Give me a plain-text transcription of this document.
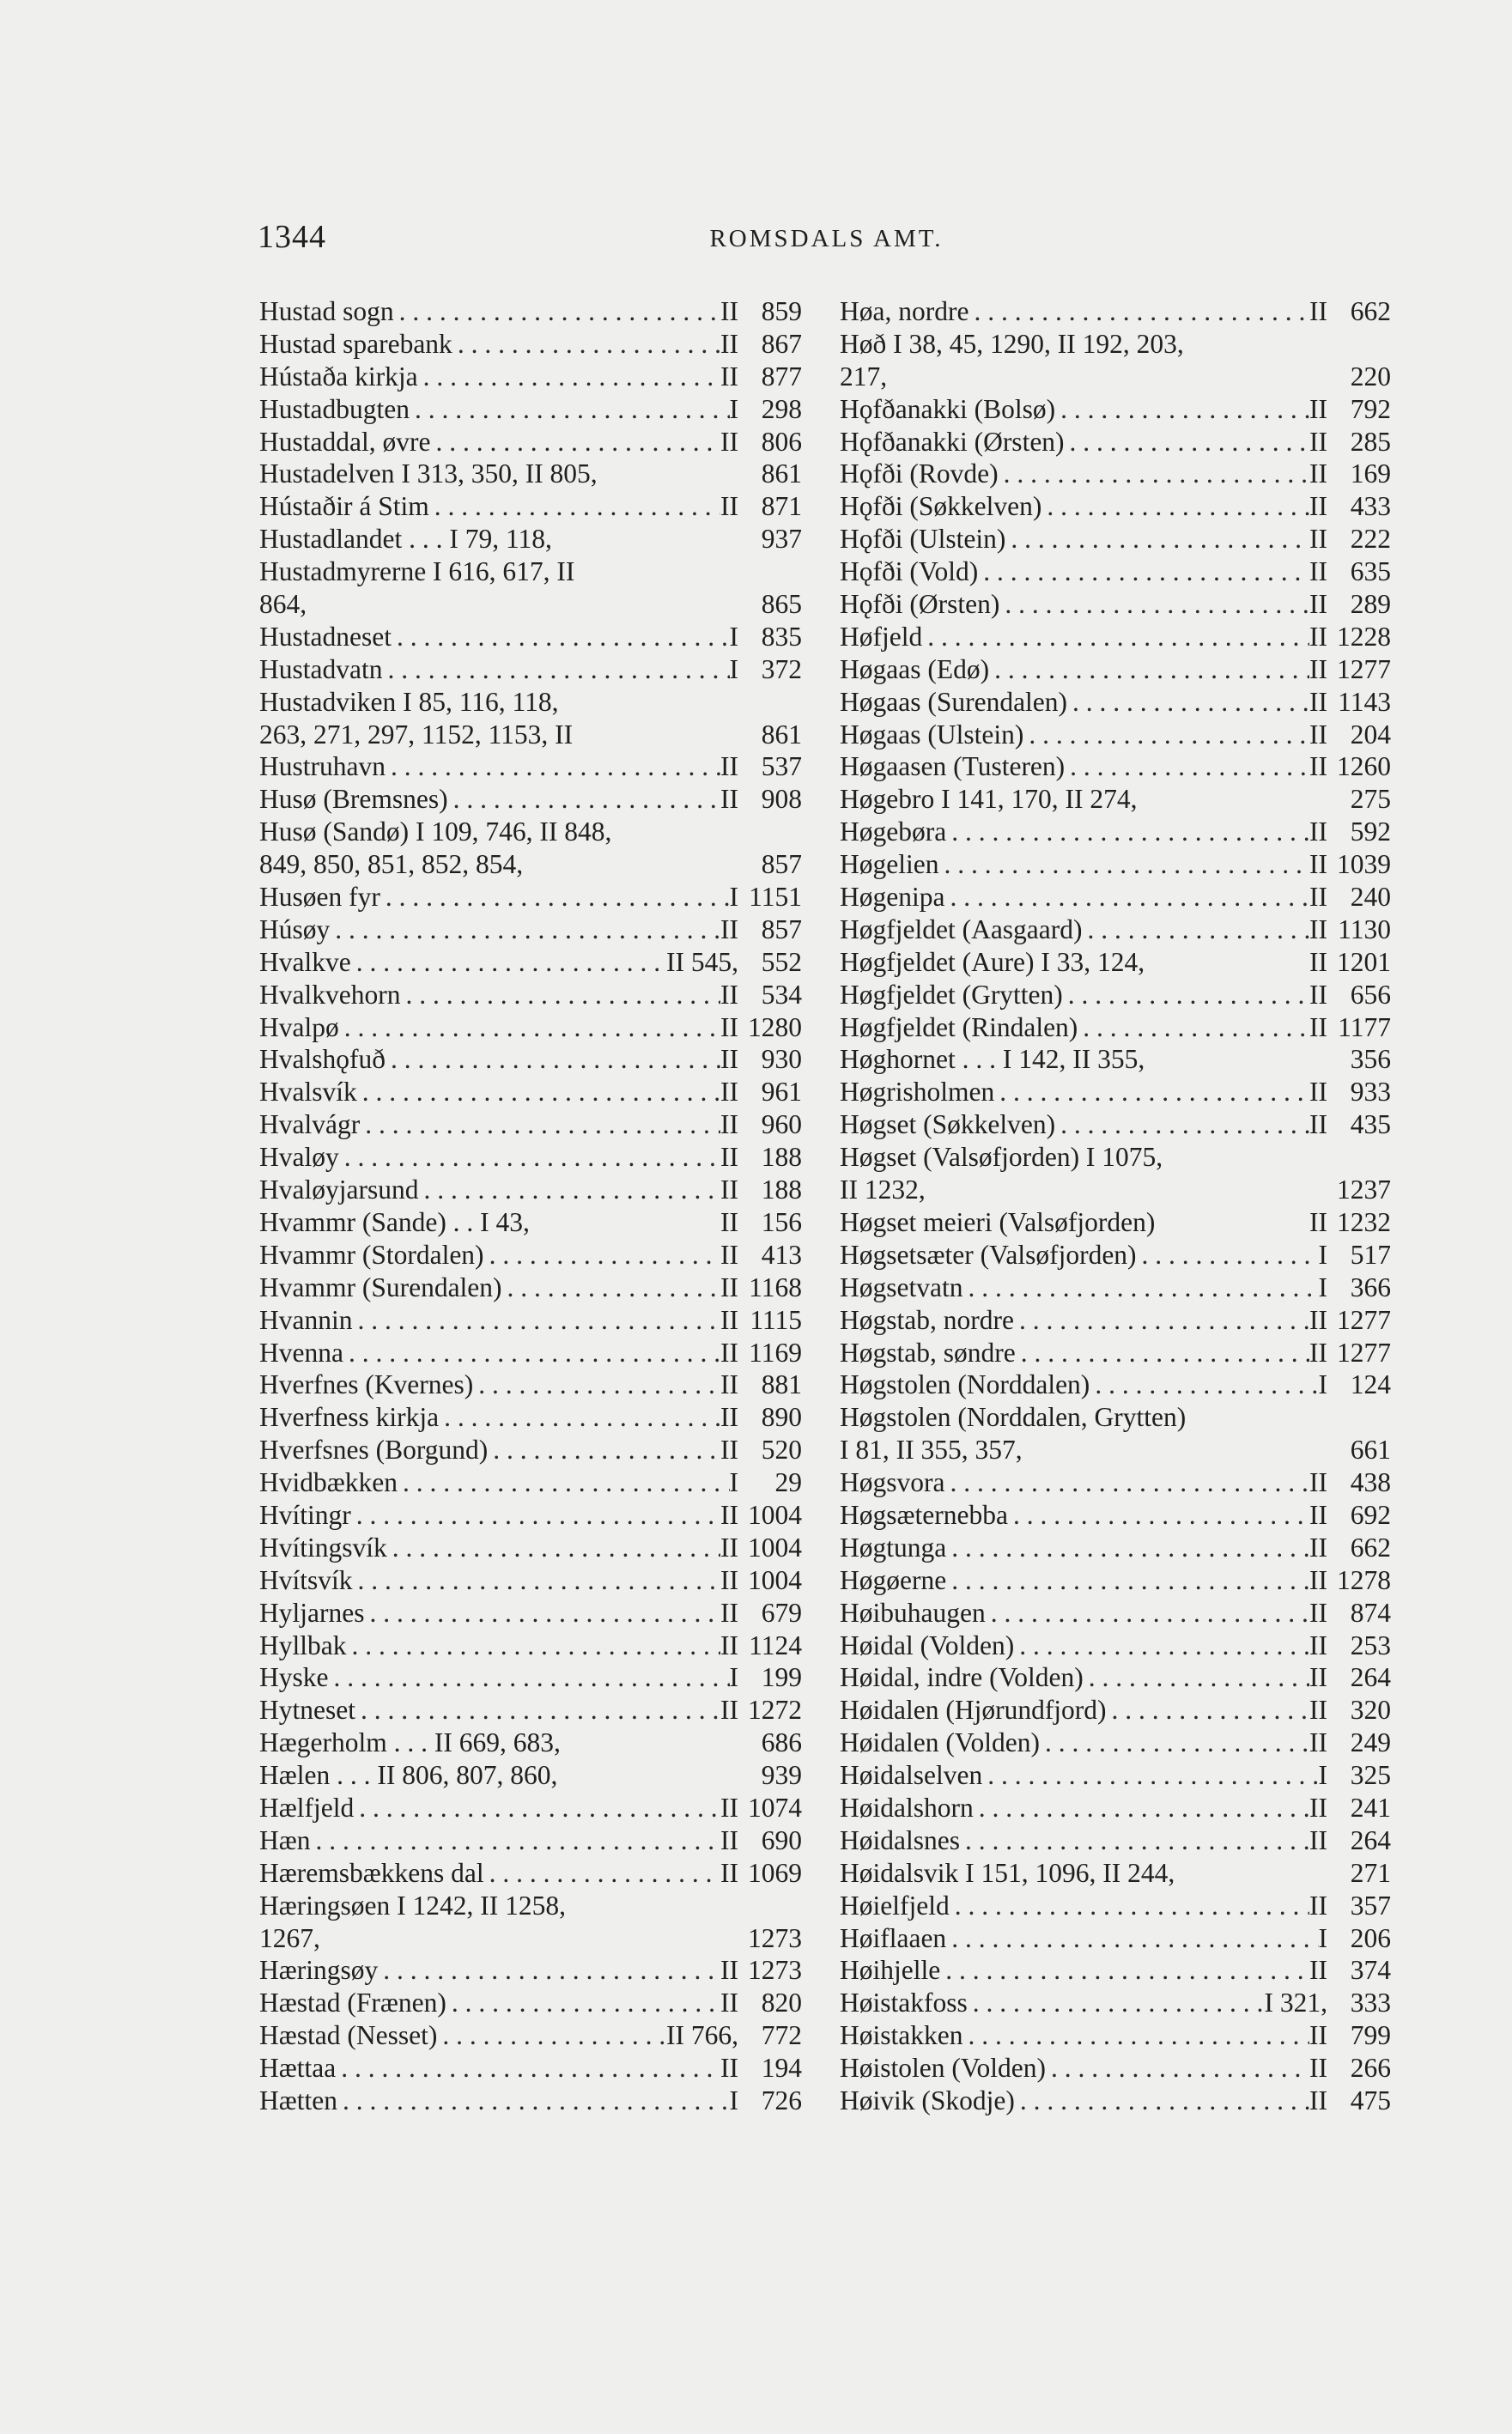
1344	ROMSDALS AMT.
Hustad sogn . . .	II 859
Hustad sparebank . . .	II 867
Hústaða kirkja . . .	II 877
Hustadbugten . . .	I 298
Hustaddal, øvre . . .	II 806
Hustadelven I 313, 350, II 805,	861
Hústaðir á Stim . . .	II 871
Hustadlandet . . . I 79, 118,	937
Hustadmyrerne I 616, 617, II
864,	865
Hustadneset . . .	I 835
Hustadvatn . . .	I 372
Hustadviken I 85, 116, 118,
263, 271, 297, 1152, 1153, II	861
Hustruhavn . . .	II 537
Husø (Bremsnes) . . .	II 908
Husø (Sandø) I 109, 746, II 848,
849, 850, 851, 852, 854,	857
Husøen fyr . . .	I 1151
Húsøy . . .	II 857
Hvalkve . . .	II 545, 552
Hvalkvehorn . . .	II 534
Hvalpø . . .	II 1280
Hvalshǫfuð . . .	II 930
Hvalsvík . . .	II 961
Hvalvágr . . .	II 960
Hvaløy . . .	II 188
Hvaløyjarsund . . .	II 188
Hvammr (Sande) . . I 43,	II 156
Hvammr (Stordalen) . . .	II 413
Hvammr (Surendalen) . . .	II 1168
Hvannin . . .	II 1115
Hvenna . . .	II 1169
Hverfnes (Kvernes) . . .	II 881
Hverfness kirkja . . .	II 890
Hverfsnes (Borgund) . . .	II 520
Hvidbækken . . .	I	29
Hvítingr . . .	II 1004
Hvítingsvík . . .	II 1004
Hvítsvík . . .	II 1004
Hyljarnes . . .	II 679
Hyllbak . . .	II 1124
Hyske . . .	I 199
Hytneset . . .	II 1272
Hægerholm . . . II 669, 683,	686
Hælen . . . II 806, 807, 860,	939
Hælfjeld . . .	II 1074
Hæn . . .	II 690
Hæremsbækkens dal . . .	II 1069
Hæringsøen I 1242, II 1258,
1267,	1273
Hæringsøy . . .	II 1273
Hæstad (Frænen) . . .	II 820
Hæstad (Nesset) . . .	II 766, 772
Hættaa . . .	II 194
Hætten . . .	I 726
Høa, nordre . . .	II 662
Høð I 38, 45, 1290, II 192, 203,
217,	220
Hǫfðanakki (Bolsø) . . .	II 792
Hǫfðanakki (Ørsten) . . .	II 285
Hǫfði (Rovde) . . .	II 169
Hǫfði (Søkkelven) . . .	II 433
Hǫfði (Ulstein) . . .	II 222
Hǫfði (Vold) . . .	II 635
Hǫfði (Ørsten) . . .	II 289
Høfjeld . . .	II 1228
Høgaas (Edø) . . .	II 1277
Høgaas (Surendalen) . . .	II 1143
Høgaas (Ulstein) . . .	II 204
Høgaasen (Tusteren) . . .	II 1260
Høgebro I 141, 170, II 274,	275
Høgebøra . . .	II 592
Høgelien . . .	II 1039
Høgenipa . . .	II 240
Høgfjeldet (Aasgaard) . . .	II 1130
Høgfjeldet (Aure) I 33, 124,	II 1201
Høgfjeldet (Grytten) . . .	II 656
Høgfjeldet (Rindalen) . . .	II 1177
Høghornet . . . I 142, II 355,	356
Høgrisholmen . . .	II 933
Høgset (Søkkelven) . . .	II 435
Høgset (Valsøfjorden) I 1075,
II 1232,	1237
Høgset meieri (Valsøfjorden)	II 1232
Høgsetsæter (Valsøfjorden) . . .	I 517
Høgsetvatn . . .	I 366
Høgstab, nordre . . .	II 1277
Høgstab, søndre . . .	II 1277
Høgstolen (Norddalen) . . .	I 124
Høgstolen (Norddalen, Grytten)
I 81, II 355, 357,	661
Høgsvora . . .	II 438
Høgsæternebba . . .	II 692
Høgtunga . . .	II 662
Høgøerne . . .	II 1278
Høibuhaugen . . .	II 874
Høidal (Volden) . . .	II 253
Høidal, indre (Volden) . . .	II 264
Høidalen (Hjørundfjord) . . .	II 320
Høidalen (Volden) . . .	II 249
Høidalselven . . .	I 325
Høidalshorn . . .	II 241
Høidalsnes . . .	II 264
Høidalsvik I 151, 1096, II 244,	271
Høielfjeld . . .	II 357
Høiflaaen . . .	I 206
Høihjelle . . .	II 374
Høistakfoss . . .	I 321, 333
Høistakken . . .	II 799
Høistolen (Volden) . . .	II 266
Høivik (Skodje) . . .	II 475
